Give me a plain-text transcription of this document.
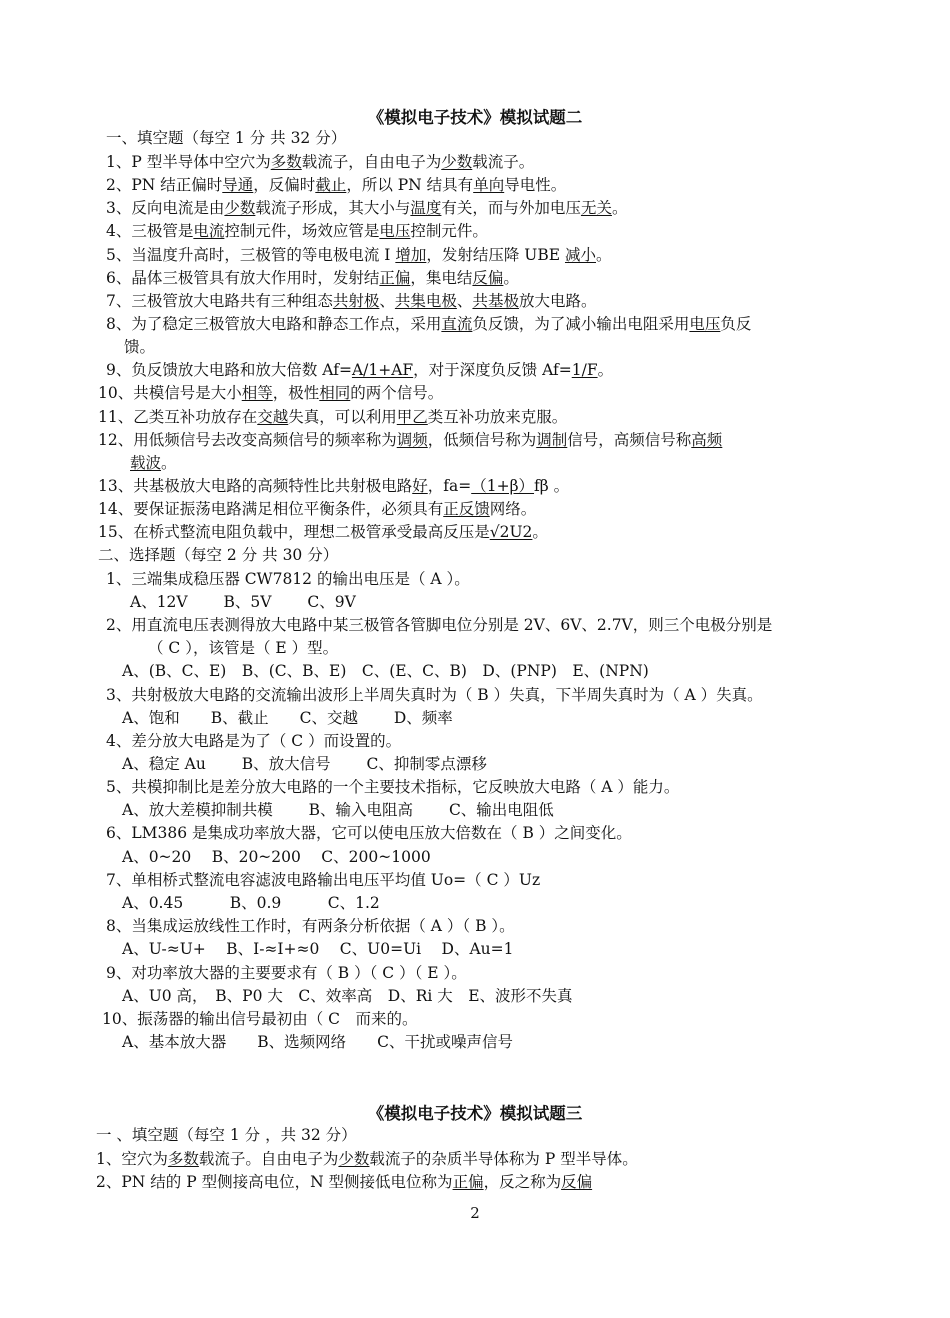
《模拟电子技术》模拟试题二
一、填空题（每空 1 分 共 32 分）
1、P 型半导体中空穴为多数载流子，自由电子为少数载流子。
2、PN 结正偏时导通，反偏时截止，所以 PN 结具有单向导电性。
3、反向电流是由少数载流子形成，其大小与温度有关，而与外加电压无关。
4、三极管是电流控制元件，场效应管是电压控制元件。
5、当温度升高时，三极管的等电极电流 I 增加，发射结压降 UBE 减小。
6、晶体三极管具有放大作用时，发射结正偏，集电结反偏。
7、三极管放大电路共有三种组态共射极、共集电极、共基极放大电路。
8、为了稳定三极管放大电路和静态工作点，采用直流负反馈，为了减小输出电阻采用电压负反
馈。
9、负反馈放大电路和放大倍数 Af=A/1+AF，对于深度负反馈 Af=1/F。
10、共模信号是大小相等，极性相同的两个信号。
11、乙类互补功放存在交越失真，可以利用甲乙类互补功放来克服。
12、用低频信号去改变高频信号的频率称为调频，低频信号称为调制信号，高频信号称高频
载波。
13、共基极放大电路的高频特性比共射极电路好，fa=（1+β）fβ 。
14、要保证振荡电路满足相位平衡条件，必须具有正反馈网络。
15、在桥式整流电阻负载中，理想二极管承受最高反压是√2U2。
二、选择题（每空 2 分 共 30 分）
1、三端集成稳压器 CW7812 的输出电压是（ A ）。
A、12V　　 B、5V　　 C、9V
2、用直流电压表测得放大电路中某三极管各管脚电位分别是 2V、6V、2.7V，则三个电极分别是
（ C ），该管是（ E ）型。
A、(B、C、E)　B、(C、B、E)　C、(E、C、B)　D、(PNP)　E、(NPN)
3、共射极放大电路的交流输出波形上半周失真时为（ B ）失真，下半周失真时为（ A ）失真。
A、饱和　　B、截止　　C、交越　　 D、频率
4、差分放大电路是为了（ C ）而设置的。
A、稳定 Au　　 B、放大信号　　 C、抑制零点漂移
5、共模抑制比是差分放大电路的一个主要技术指标，它反映放大电路（ A ）能力。
A、放大差模抑制共模　　 B、输入电阻高　　 C、输出电阻低
6、LM386 是集成功率放大器，它可以使电压放大倍数在（ B ）之间变化。
A、0~20　 B、20~200　 C、200~1000
7、单相桥式整流电容滤波电路输出电压平均值 Uo=（ C ）Uz
A、0.45　　　B、0.9　　　C、1.2
8、当集成运放线性工作时，有两条分析依据（ A ）（ B ）。
A、U-≈U+　 B、I-≈I+≈0　 C、U0=Ui　 D、Au=1
9、对功率放大器的主要要求有（ B ）（ C ）（ E ）。
A、U0 高，　B、P0 大　C、效率高　D、Ri 大　E、波形不失真
10、振荡器的输出信号最初由（ C　而来的。
A、基本放大器　　B、选频网络　　C、干扰或噪声信号
《模拟电子技术》模拟试题三
一 、填空题（每空 1 分 ，共 32 分）
1、空穴为多数载流子。自由电子为少数载流子的杂质半导体称为 P 型半导体。
2、PN 结的 P 型侧接高电位，N 型侧接低电位称为正偏，反之称为反偏
2
